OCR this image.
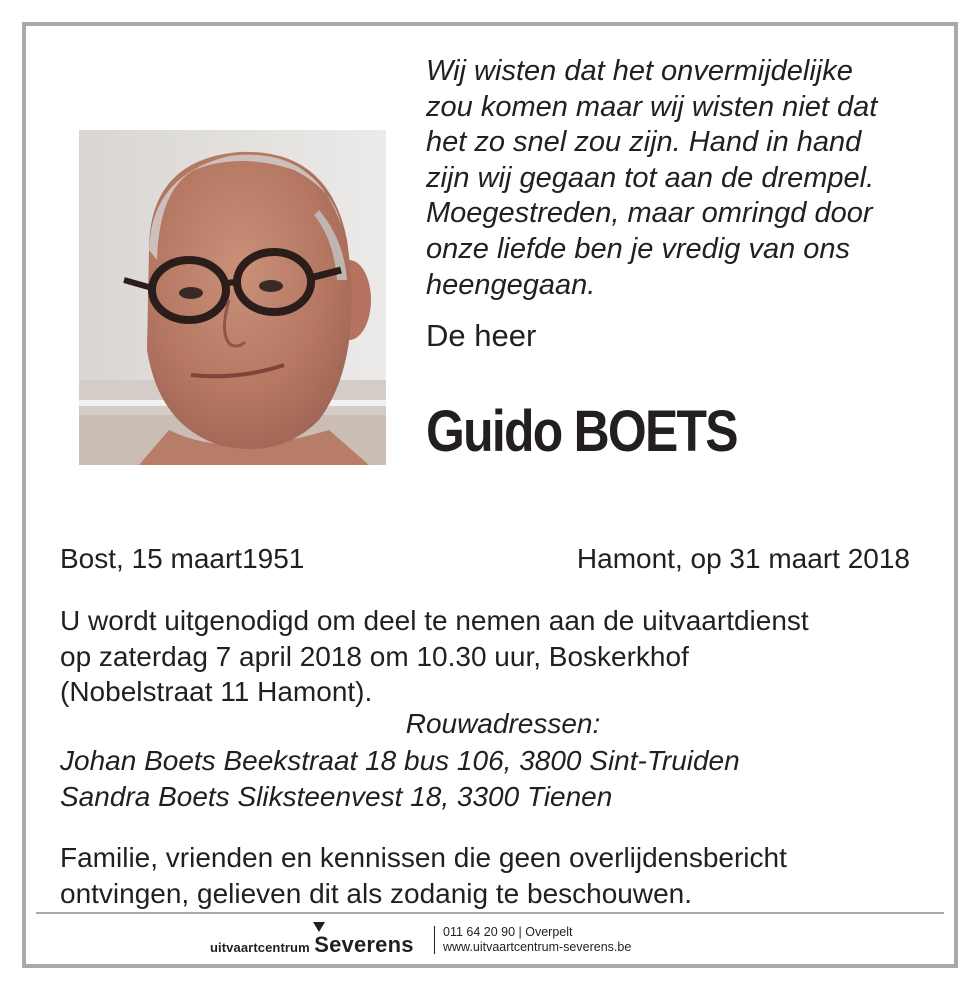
Wij wisten dat het onvermijdelijke
zou komen maar wij wisten niet dat
het zo snel zou zijn. Hand in hand
zijn wij gegaan tot aan de drempel.
Moegestreden, maar omringd door
onze liefde ben je vredig van ons
heengegaan.
De heer
Guido BOETS
Bost, 15 maart1951	Hamont, op 31 maart 2018
U wordt uitgenodigd om deel te nemen aan de uitvaartdienst
op zaterdag 7 april 2018 om 10.30 uur, Boskerkhof
(Nobelstraat 11 Hamont).
Rouwadressen:
Johan Boets Beekstraat 18 bus 106, 3800 Sint-Truiden
Sandra Boets Sliksteenvest 18, 3300 Tienen
Familie, vrienden en kennissen die geen overlijdensbericht
ontvingen, gelieven dit als zodanig te beschouwen.
uitvaartcentrum Severens 011 64 20 90 | Overpelt
www.uitvaartcentrum-severens.be
